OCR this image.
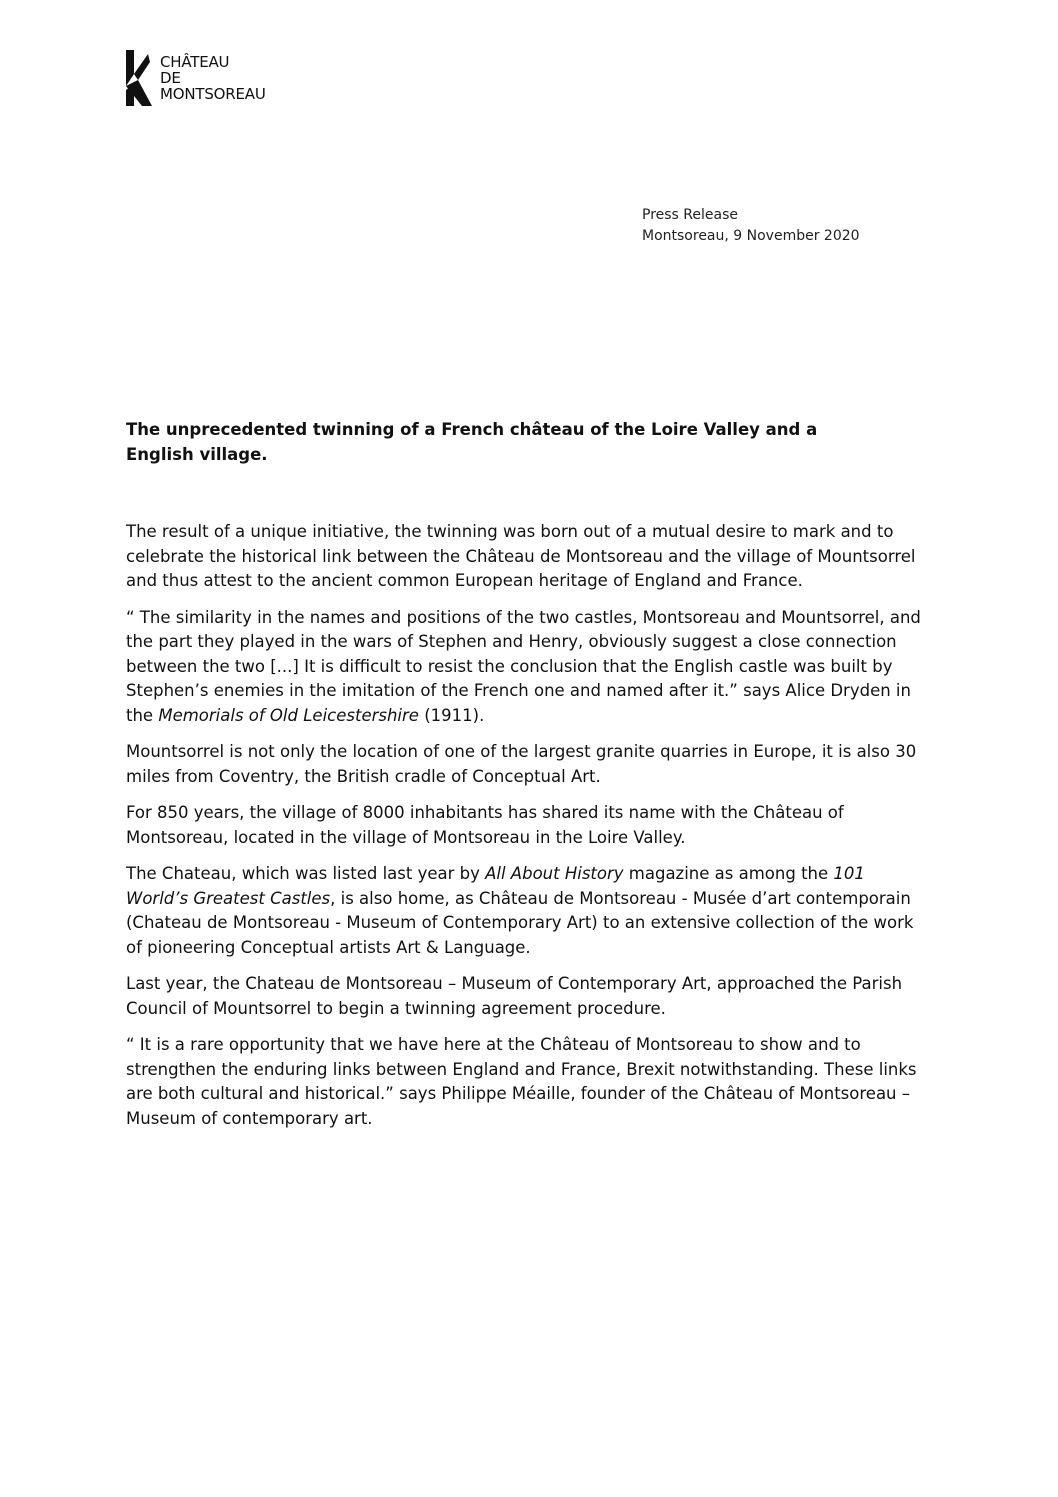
CHÂTEAU
DE
MONTSOREAU
Press Release
Montsoreau, 9 November 2020
The unprecedented twinning of a French château of the Loire Valley and a English village.

The result of a unique initiative, the twinning was born out of a mutual desire to mark and to celebrate the historical link between the Château de Montsoreau and the village of Mountsorrel and thus attest to the ancient common European heritage of England and France.

“ The similarity in the names and positions of the two castles, Montsoreau and Mountsorrel, and the part they played in the wars of Stephen and Henry, obviously suggest a close connection between the two [...] It is difficult to resist the conclusion that the English castle was built by Stephen’s enemies in the imitation of the French one and named after it.” says Alice Dryden in the Memorials of Old Leicestershire (1911).

Mountsorrel is not only the location of one of the largest granite quarries in Europe, it is also 30 miles from Coventry, the British cradle of Conceptual Art.

For 850 years, the village of 8000 inhabitants has shared its name with the Château of Montsoreau, located in the village of Montsoreau in the Loire Valley.

The Chateau, which was listed last year by All About History magazine as among the 101 World’s Greatest Castles, is also home, as Château de Montsoreau - Musée d’art contemporain (Chateau de Montsoreau - Museum of Contemporary Art) to an extensive collection of the work of pioneering Conceptual artists Art & Language.

Last year, the Chateau de Montsoreau – Museum of Contemporary Art, approached the Parish Council of Mountsorrel to begin a twinning agreement procedure.

“ It is a rare opportunity that we have here at the Château of Montsoreau to show and to strengthen the enduring links between England and France, Brexit notwithstanding. These links are both cultural and historical.” says Philippe Méaille, founder of the Château of Montsoreau – Museum of contemporary art.
